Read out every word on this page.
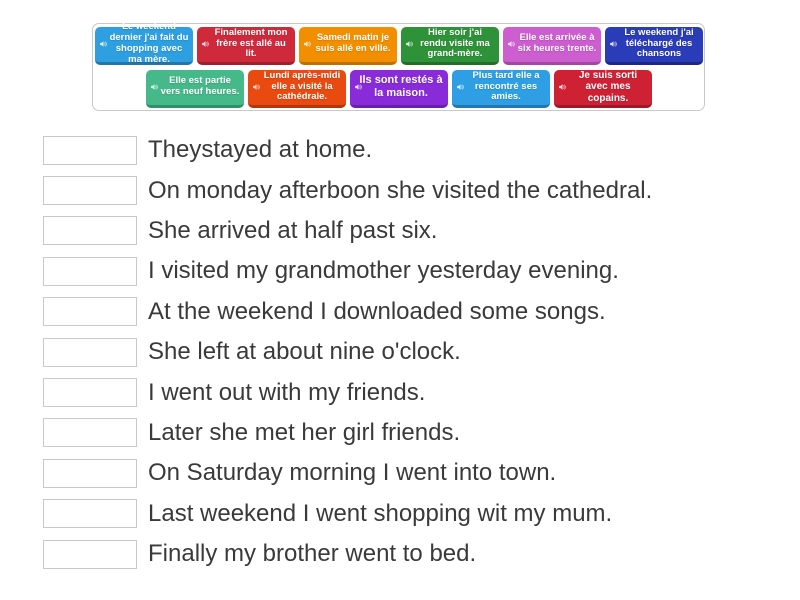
Le weekend dernier j'ai fait du shopping avec ma mère.
Finalement mon frère est allé au lit.
Samedi matin je suis allé en ville.
Hier soir j'ai rendu visite ma grand-mère.
Elle est arrivée à six heures trente.
Le weekend j'ai téléchargé des chansons
Elle est partie vers neuf heures.
Lundi après-midi elle a visité la cathédrale.
Ils sont restés à la maison.
Plus tard elle a rencontré ses amies.
Je suis sorti avec mes copains.
Theystayed at home.
On monday afterboon she visited the cathedral.
She arrived at half past six.
I visited my grandmother yesterday evening.
At the weekend I downloaded some songs.
She left at about nine o'clock.
I went out with my friends.
Later she met her girl friends.
On Saturday morning I went into town.
Last weekend I went shopping wit my mum.
Finally my brother went to bed.
